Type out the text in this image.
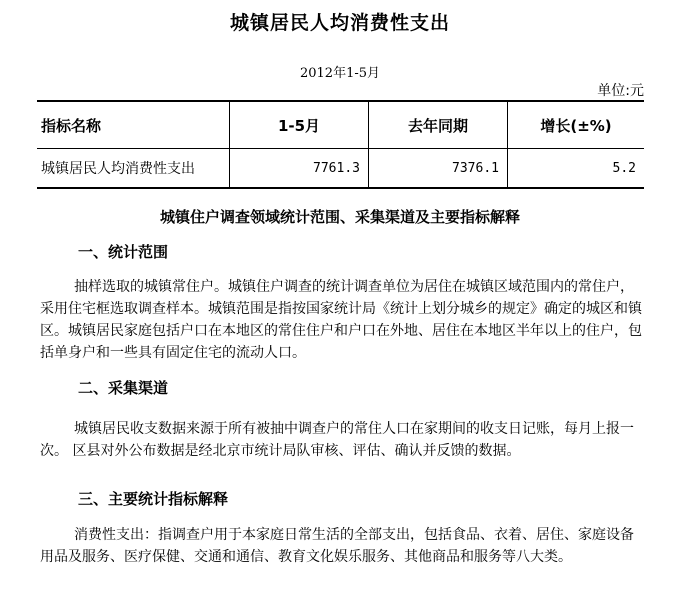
城镇居民人均消费性支出
2012年1-5月
单位:元
指标名称	1-5月	去年同期	增长(±%)
城镇居民人均消费性支出	7761.3	7376.1	5.2
城镇住户调查领域统计范围、采集渠道及主要指标解释
一、统计范围

抽样选取的城镇常住户。城镇住户调查的统计调查单位为居住在城镇区域范围内的常住户，采用住宅框选取调查样本。城镇范围是指按国家统计局《统计上划分城乡的规定》确定的城区和镇区。城镇居民家庭包括户口在本地区的常住住户和户口在外地、居住在本地区半年以上的住户，包括单身户和一些具有固定住宅的流动人口。

二、采集渠道

城镇居民收支数据来源于所有被抽中调查户的常住人口在家期间的收支日记账，每月上报一次。 区县对外公布数据是经北京市统计局队审核、评估、确认并反馈的数据。

三、主要统计指标解释

消费性支出：指调查户用于本家庭日常生活的全部支出，包括食品、衣着、居住、家庭设备用品及服务、医疗保健、交通和通信、教育文化娱乐服务、其他商品和服务等八大类。
